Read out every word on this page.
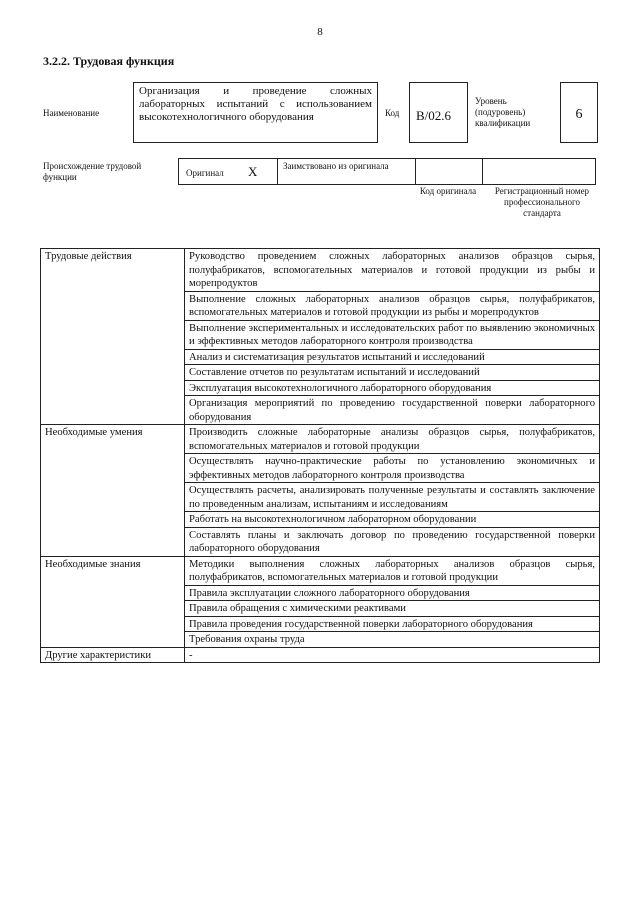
8
3.2.2. Трудовая функция
Наименование
Организация и проведение сложных лабораторных испытаний с использованием высокотехнологичного оборудования	Код	B/02.6
Уровень (подуровень) квалификации
6
Происхождение трудовой функции	Оригинал X	Заимствовано из оригинала
Код оригинала	Регистрационный номер профессионального стандарта
Трудовые действия	Руководство проведением сложных лабораторных анализов образцов сырья, полуфабрикатов, вспомогательных материалов и готовой продукции из рыбы и морепродуктов
	Выполнение сложных лабораторных анализов образцов сырья, полуфабрикатов, вспомогательных материалов и готовой продукции из рыбы и морепродуктов
	Выполнение экспериментальных и исследовательских работ по выявлению экономичных и эффективных методов лабораторного контроля производства
	Анализ и систематизация результатов испытаний и исследований
	Составление отчетов по результатам испытаний и исследований
	Эксплуатация высокотехнологичного лабораторного оборудования
	Организация мероприятий по проведению государственной поверки лабораторного оборудования
Необходимые умения	Производить сложные лабораторные анализы образцов сырья, полуфабрикатов, вспомогательных материалов и готовой продукции
	Осуществлять научно-практические работы по установлению экономичных и эффективных методов лабораторного контроля производства
	Осуществлять расчеты, анализировать полученные результаты и составлять заключение по проведенным анализам, испытаниям и исследованиям
	Работать на высокотехнологичном лабораторном оборудовании
	Составлять планы и заключать договор по проведению государственной поверки лабораторного оборудования
Необходимые знания	Методики выполнения сложных лабораторных анализов образцов сырья, полуфабрикатов, вспомогательных материалов и готовой продукции
	Правила эксплуатации сложного лабораторного оборудования
	Правила обращения с химическими реактивами
	Правила проведения государственной поверки лабораторного оборудования
	Требования охраны труда
Другие характеристики	-
